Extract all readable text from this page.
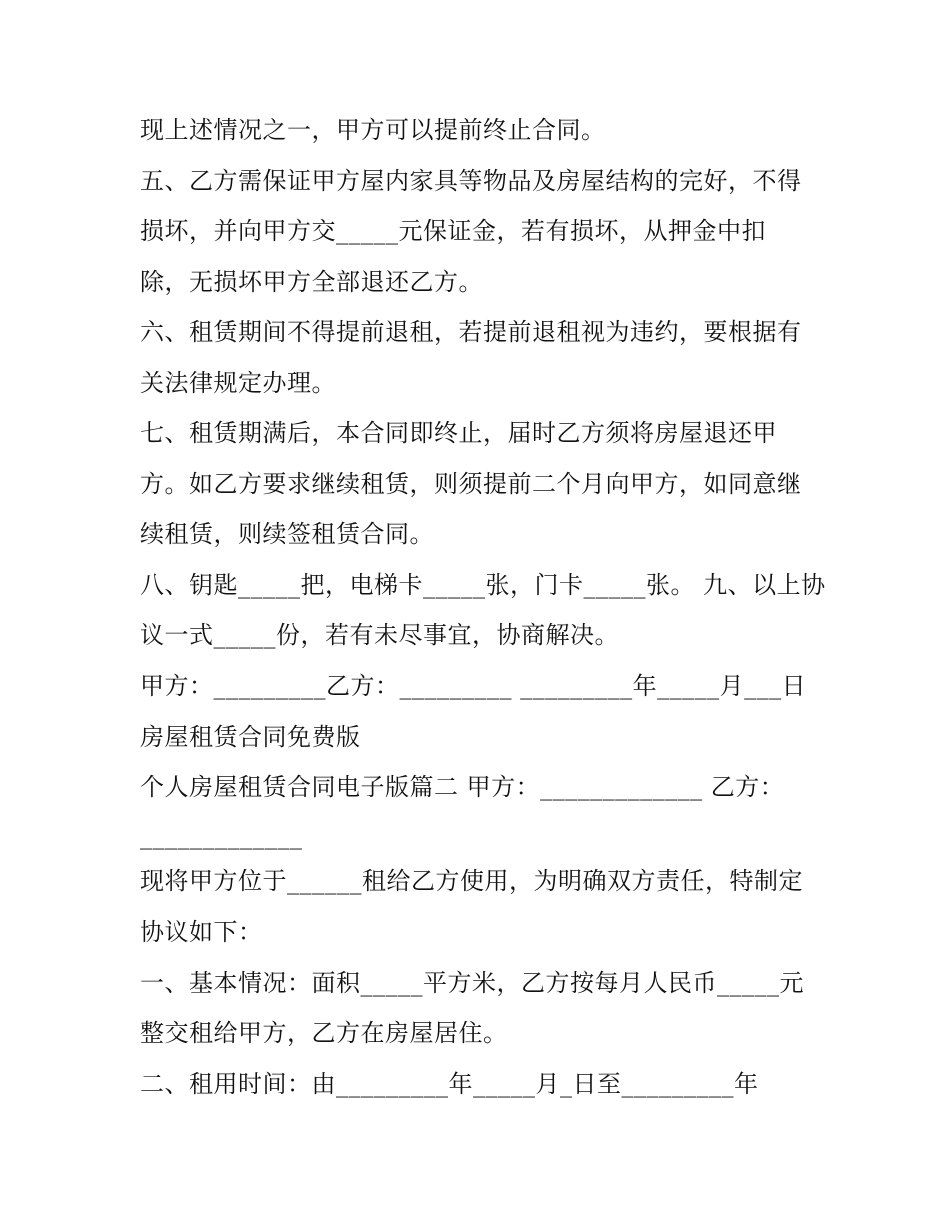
现上述情况之一，甲方可以提前终止合同。

五、乙方需保证甲方屋内家具等物品及房屋结构的完好，不得

损坏，并向甲方交_____元保证金，若有损坏，从押金中扣

除，无损坏甲方全部退还乙方。

六、租赁期间不得提前退租，若提前退租视为违约，要根据有

关法律规定办理。

七、租赁期满后，本合同即终止，届时乙方须将房屋退还甲

方。如乙方要求继续租赁，则须提前二个月向甲方，如同意继

续租赁，则续签租赁合同。

八、钥匙_____把，电梯卡_____张，门卡_____张。 九、以上协

议一式_____份，若有未尽事宜，协商解决。

甲方：_________乙方：_________ _________年_____月___日

房屋租赁合同免费版

个人房屋租赁合同电子版篇二 甲方：_____________ 乙方：

_____________

现将甲方位于______租给乙方使用，为明确双方责任，特制定

协议如下：

一、基本情况：面积_____平方米，乙方按每月人民币_____元

整交租给甲方，乙方在房屋居住。

二、租用时间：由_________年_____月_日至_________年
